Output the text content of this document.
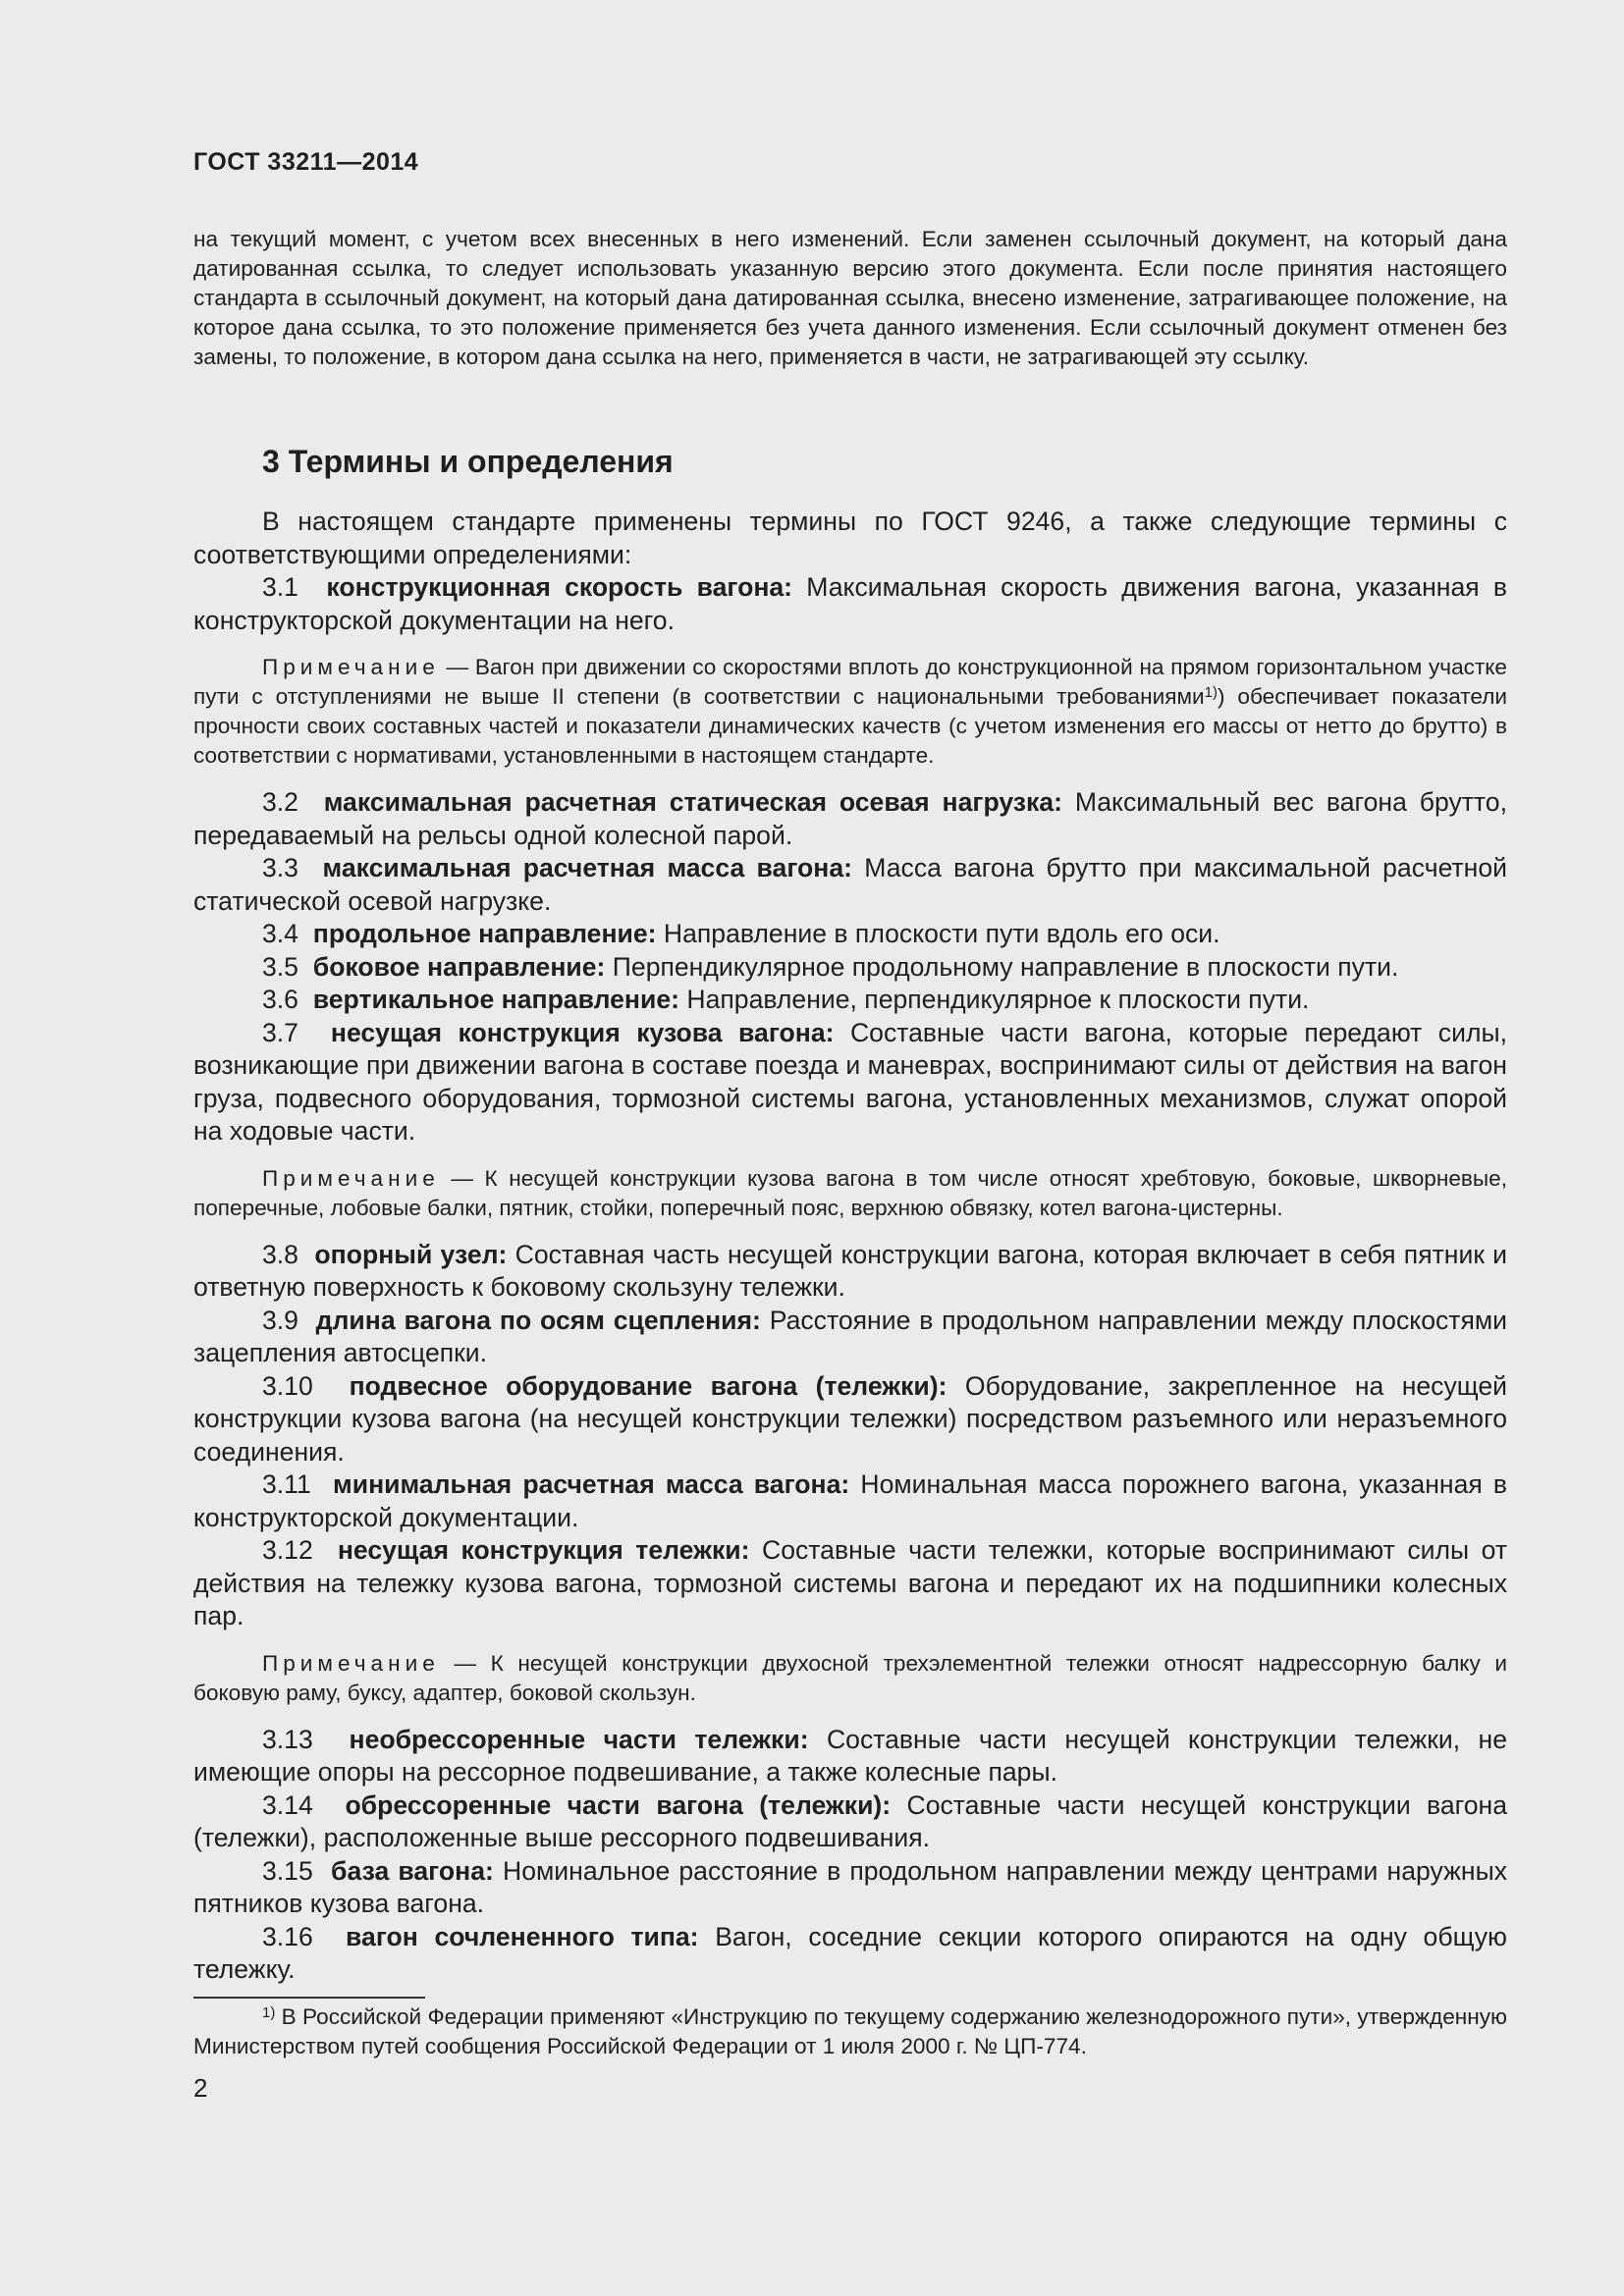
ГОСТ 33211—2014

на текущий момент, с учетом всех внесенных в него изменений. Если заменен ссылочный документ, на который дана датированная ссылка, то следует использовать указанную версию этого документа. Если после принятия настоящего стандарта в ссылочный документ, на который дана датированная ссылка, внесено изменение, затрагивающее положение, на которое дана ссылка, то это положение применяется без учета данного изменения. Если ссылочный документ отменен без замены, то положение, в котором дана ссылка на него, применяется в части, не затрагивающей эту ссылку.

3 Термины и определения

В настоящем стандарте применены термины по ГОСТ 9246, а также следующие термины с соответствующими определениями:

3.1 конструкционная скорость вагона: Максимальная скорость движения вагона, указанная в конструкторской документации на него.

Примечание — Вагон при движении со скоростями вплоть до конструкционной на прямом горизонтальном участке пути с отступлениями не выше II степени (в соответствии с национальными требованиями$^{1)}$) обеспечивает показатели прочности своих составных частей и показатели динамических качеств (с учетом изменения его массы от нетто до брутто) в соответствии с нормативами, установленными в настоящем стандарте.

3.2 максимальная расчетная статическая осевая нагрузка: Максимальный вес вагона брутто, передаваемый на рельсы одной колесной парой.

3.3 максимальная расчетная масса вагона: Масса вагона брутто при максимальной расчетной статической осевой нагрузке.

3.4 продольное направление: Направление в плоскости пути вдоль его оси.

3.5 боковое направление: Перпендикулярное продольному направление в плоскости пути.

3.6 вертикальное направление: Направление, перпендикулярное к плоскости пути.

3.7 несущая конструкция кузова вагона: Составные части вагона, которые передают силы, возникающие при движении вагона в составе поезда и маневрах, воспринимают силы от действия на вагон груза, подвесного оборудования, тормозной системы вагона, установленных механизмов, служат опорой на ходовые части.

Примечание — К несущей конструкции кузова вагона в том числе относят хребтовую, боковые, шкворневые, поперечные, лобовые балки, пятник, стойки, поперечный пояс, верхнюю обвязку, котел вагона-цистерны.

3.8 опорный узел: Составная часть несущей конструкции вагона, которая включает в себя пятник и ответную поверхность к боковому скользуну тележки.

3.9 длина вагона по осям сцепления: Расстояние в продольном направлении между плоскостями зацепления автосцепки.

3.10 подвесное оборудование вагона (тележки): Оборудование, закрепленное на несущей конструкции кузова вагона (на несущей конструкции тележки) посредством разъемного или неразъемного соединения.

3.11 минимальная расчетная масса вагона: Номинальная масса порожнего вагона, указанная в конструкторской документации.

3.12 несущая конструкция тележки: Составные части тележки, которые воспринимают силы от действия на тележку кузова вагона, тормозной системы вагона и передают их на подшипники колесных пар.

Примечание — К несущей конструкции двухосной трехэлементной тележки относят надрессорную балку и боковую раму, буксу, адаптер, боковой скользун.

3.13 необрессоренные части тележки: Составные части несущей конструкции тележки, не имеющие опоры на рессорное подвешивание, а также колесные пары.

3.14 обрессоренные части вагона (тележки): Составные части несущей конструкции вагона (тележки), расположенные выше рессорного подвешивания.

3.15 база вагона: Номинальное расстояние в продольном направлении между центрами наружных пятников кузова вагона.

3.16 вагон сочлененного типа: Вагон, соседние секции которого опираются на одну общую тележку.

$^{1)}$ В Российской Федерации применяют «Инструкцию по текущему содержанию железнодорожного пути», утвержденную Министерством путей сообщения Российской Федерации от 1 июля 2000 г. № ЦП-774.

2
